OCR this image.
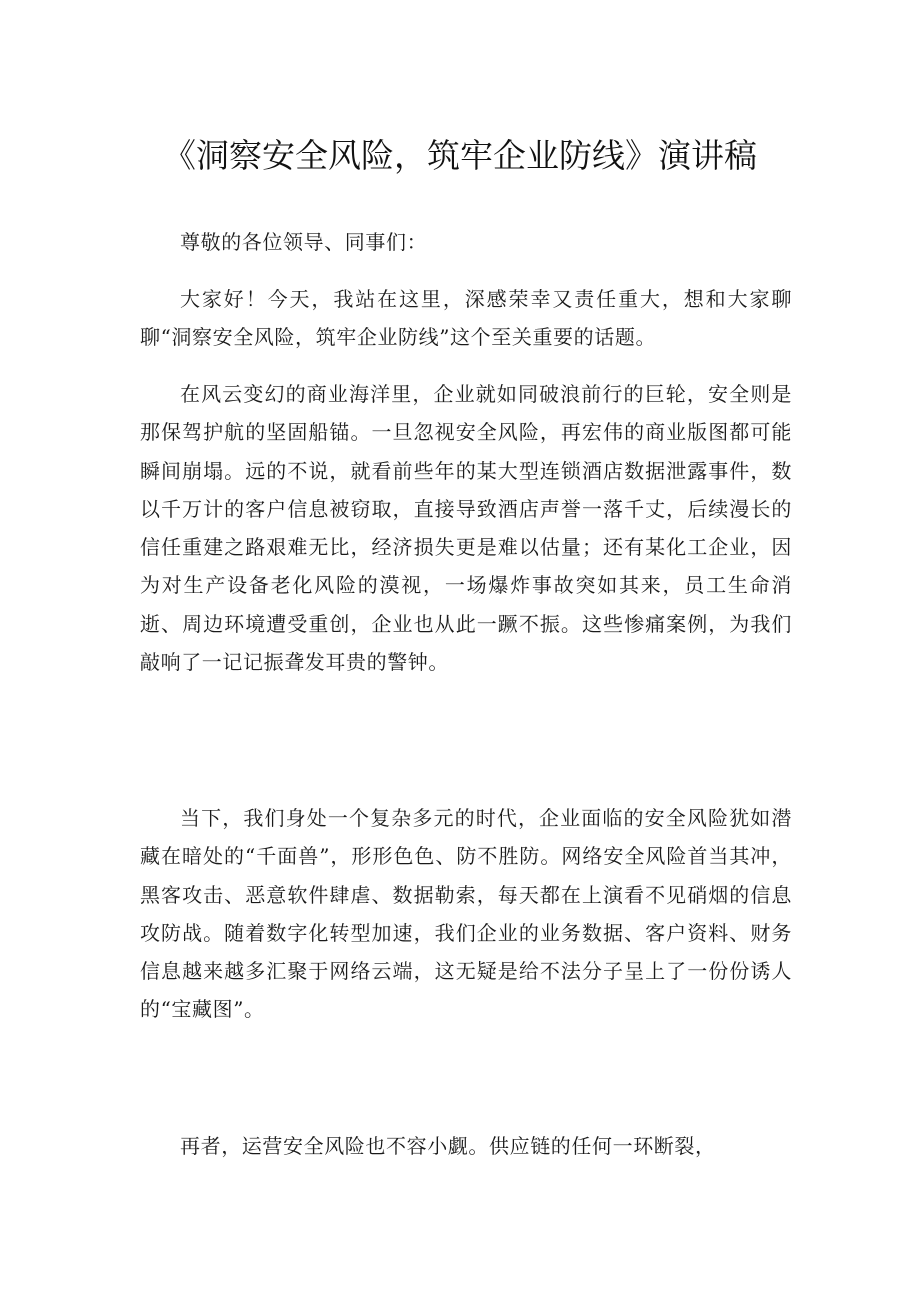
《洞察安全风险，筑牢企业防线》演讲稿

尊敬的各位领导、同事们：

大家好！今天，我站在这里，深感荣幸又责任重大，想和大家聊聊“洞察安全风险，筑牢企业防线”这个至关重要的话题。

在风云变幻的商业海洋里，企业就如同破浪前行的巨轮，安全则是那保驾护航的坚固船锚。一旦忽视安全风险，再宏伟的商业版图都可能瞬间崩塌。远的不说，就看前些年的某大型连锁酒店数据泄露事件，数以千万计的客户信息被窃取，直接导致酒店声誉一落千丈，后续漫长的信任重建之路艰难无比，经济损失更是难以估量；还有某化工企业，因为对生产设备老化风险的漠视，一场爆炸事故突如其来，员工生命消逝、周边环境遭受重创，企业也从此一蹶不振。这些惨痛案例，为我们敲响了一记记振聋发耳贵的警钟。

当下，我们身处一个复杂多元的时代，企业面临的安全风险犹如潜藏在暗处的“千面兽”，形形色色、防不胜防。网络安全风险首当其冲，黑客攻击、恶意软件肆虐、数据勒索，每天都在上演看不见硝烟的信息攻防战。随着数字化转型加速，我们企业的业务数据、客户资料、财务信息越来越多汇聚于网络云端，这无疑是给不法分子呈上了一份份诱人的“宝藏图”。

再者，运营安全风险也不容小觑。供应链的任何一环断裂，
